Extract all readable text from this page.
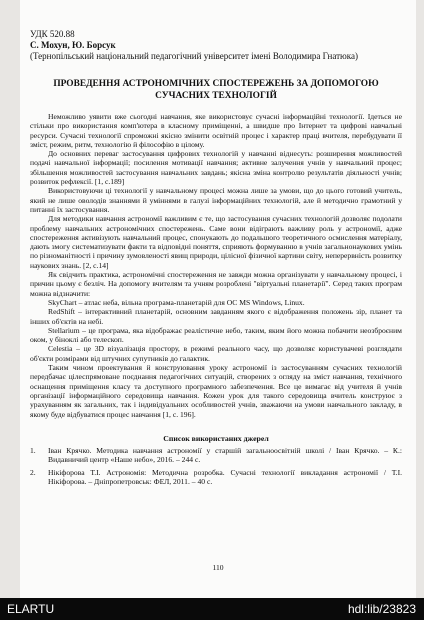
УДК 520.88
С. Мохун, Ю. Борсук
(Тернопільський національний педагогічний університет імені Володимира Гнатюка)
ПРОВЕДЕННЯ АСТРОНОМІЧНИХ СПОСТЕРЕЖЕНЬ ЗА ДОПОМОГОЮ СУЧАСНИХ ТЕХНОЛОГІЙ

Неможливо уявити вже сьогодні навчання, яке використовує сучасні інформаційні технології. Ідеться не стільки про використання комп'ютера в класному приміщенні, а швидше про Інтернет та цифрові навчальні ресурси. Сучасні технології спроможні якісно змінити освітній процес і характер праці вчителя, перебудувати її зміст, режим, ритм, технологію й філософію в цілому.

До основних переваг застосування цифрових технологій у навчанні віднесуть: розширення можливостей подачі навчальної інформації; посилення мотивації навчання; активне залучення учнів у навчальний процес; збільшення можливостей застосування навчальних завдань; якісна зміна контролю результатів діяльності учнів; розвиток рефлексії. [1, с.189]

Використовуючи ці технології у навчальному процесі можна лише за умови, що до цього готовий учитель, який не лише оволодів знаннями й уміннями в галузі інформаційних технологій, але й методично грамотний у питанні їх застосування.

Для методики навчання астрономії важливим є те, що застосування сучасних технологій дозволяє подолати проблему навчальних астрономічних спостережень. Саме вони відіграють важливу роль у астрономії, адже спостереження активізують навчальний процес, спонукають до подальшого теоретичного осмислення матеріалу, дають змогу систематизувати факти та відповідні поняття, сприяють формуванню в учнів загальнонаукових умінь по різноманітності і причину зумовленості явищ природи, цілісної фізичної картини світу, неперервність розвитку наукових знань. [2, с.14]

Як свідчить практика, астрономічні спостереження не завжди можна організувати у навчальному процесі, і причин цьому є безліч. На допомогу вчителям та учням розроблені "віртуальні планетарії". Серед таких програм можна відзначити:

SkyChart – атлас неба, вільна програма-планетарій для ОС MS Windows, Linux.

RedShift – інтерактивний планетарій, основним завданням якого є відображення положень зір, планет та інших об'єктів на небі.

Stellarium – це програма, яка відображає реалістичне небо, таким, яким його можна побачити неозброєним оком, у біноклі або телескоп.

Celestia – це 3D візуалізація простору, в режимі реального часу, що дозволяє користувачеві розглядати об'єкти розмірами від штучних супутників до галактик.

Таким чином проектування й конструювання уроку астрономії із застосуванням сучасних технологій передбачає цілеспрямоване поєднання педагогічних ситуацій, створених з огляду на зміст навчання, технічного оснащення приміщення класу та доступного програмного забезпечення. Все це вимагає від учителя й учнів організації інформаційного середовища навчання. Кожен урок для такого середовища вчитель конструює з урахуванням як загальних, так і індивідуальних особливостей учнів, зважаючи на умови навчального закладу, в якому буде відбуватися процес навчання [1, с. 196].

Список використаних джерел
1.	Іван Крячко. Методика навчання астрономії у старшій загальноосвітній школі / Іван Крячко. – К.: Видавничий центр «Наше небо», 2016. – 244 с.
2.	Нікіфорова Т.І. Астрономія: Методична розробка. Сучасні технології викладання астрономії / Т.І. Нікіфорова. – Дніпропетровськ: ФЕЛ, 2011. – 40 с.
110
ELARTU	hdl:lib/23823
